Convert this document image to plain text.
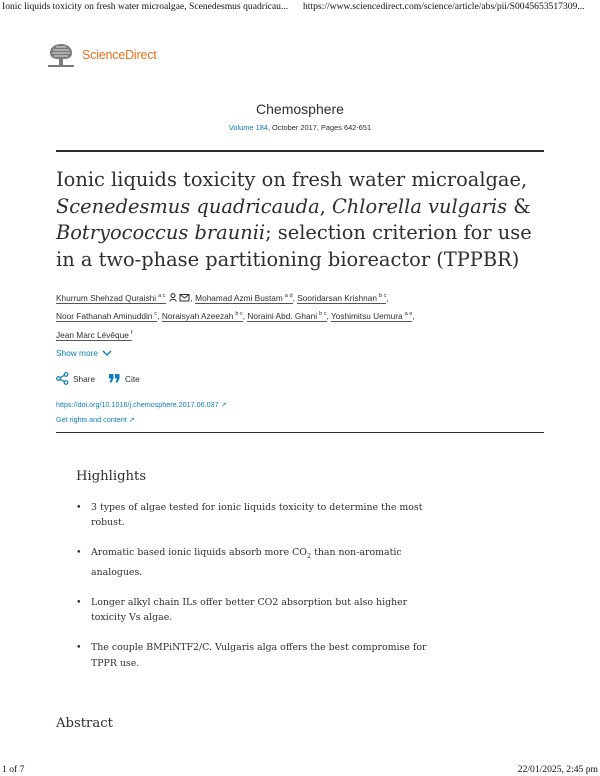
Ionic liquids toxicity on fresh water microalgae, Scenedesmus quadricau... https://www.sciencedirect.com/science/article/abs/pii/S0045653517309...
ScienceDirect
Chemosphere
Volume 184, October 2017, Pages 642-651
Ionic liquids toxicity on fresh water microalgae, Scenedesmus quadricauda, Chlorella vulgaris & Botryococcus braunii; selection criterion for use in a two-phase partitioning bioreactor (TPPBR)
Khurrum Shehzad Quraishi $^{a c}$	, Mohamad Azmi Bustam $^{a d}$, Sooridarsan Krishnan $^{b c}$,
Noor Fathanah Aminuddin $^c$, Noraisyah Azeezah $^{b c}$, Noraini Abd. Ghani $^{b c}$, Yoshimitsu Uemura $^{a e}$,
Jean Marc Lévêque $^f$
Show more
Share	Cite
https://doi.org/10.1016/j.chemosphere.2017.06.037 ↗
Get rights and content ↗
Highlights
• 3 types of algae tested for ionic liquids toxicity to determine the most robust.
• Aromatic based ionic liquids absorb more $CO_2$ than non-aromatic analogues.
• Longer alkyl chain ILs offer better CO2 absorption but also higher toxicity Vs algae.
• The couple BMPiNTF2/C. Vulgaris alga offers the best compromise for TPPR use.
Abstract
1 of 7	22/01/2025, 2:45 pm
